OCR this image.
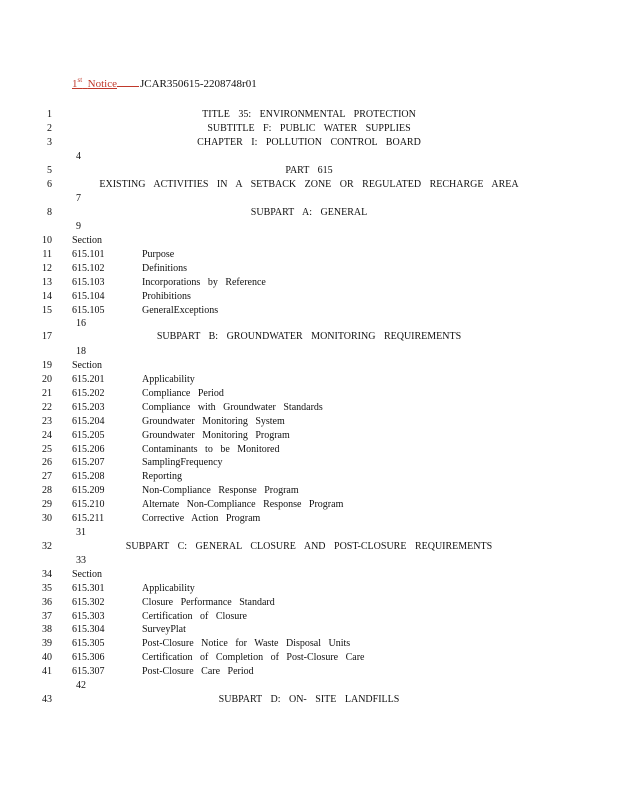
1st Notice JCAR350615-2208748r01
1	TITLE 35: ENVIRONMENTAL PROTECTION
2	SUBTITLE F: PUBLIC WATER SUPPLIES
3	CHAPTER I: POLLUTION CONTROL BOARD
4
5	PART 615
6	EXISTING ACTIVITIES IN A SETBACK ZONE OR REGULATED RECHARGE AREA
7
8	SUBPART A: GENERAL
9
10 Section
11 615.101	Purpose
12 615.102	Definitions
13 615.103	Incorporations by Reference
14 615.104	Prohibitions
15 615.105	GeneralExceptions
16
17	SUBPART B: GROUNDWATER MONITORING REQUIREMENTS
18
19 Section
20 615.201	Applicability
21 615.202	Compliance Period
22 615.203	Compliance with Groundwater Standards
23 615.204	Groundwater Monitoring System
24 615.205	Groundwater Monitoring Program
25 615.206	Contaminants to be Monitored
26 615.207	SamplingFrequency
27 615.208	Reporting
28 615.209	Non-Compliance Response Program
29 615.210	Alternate Non-Compliance Response Program
30 615.211	Corrective Action Program
31
32	SUBPART C: GENERAL CLOSURE AND POST-CLOSURE REQUIREMENTS
33
34 Section
35 615.301	Applicability
36 615.302	Closure Performance Standard
37 615.303	Certification of Closure
38 615.304	SurveyPlat
39 615.305	Post-Closure Notice for Waste Disposal Units
40 615.306	Certification of Completion of Post-Closure Care
41 615.307	Post-Closure Care Period
42
43	SUBPART D: ON- SITE LANDFILLS
